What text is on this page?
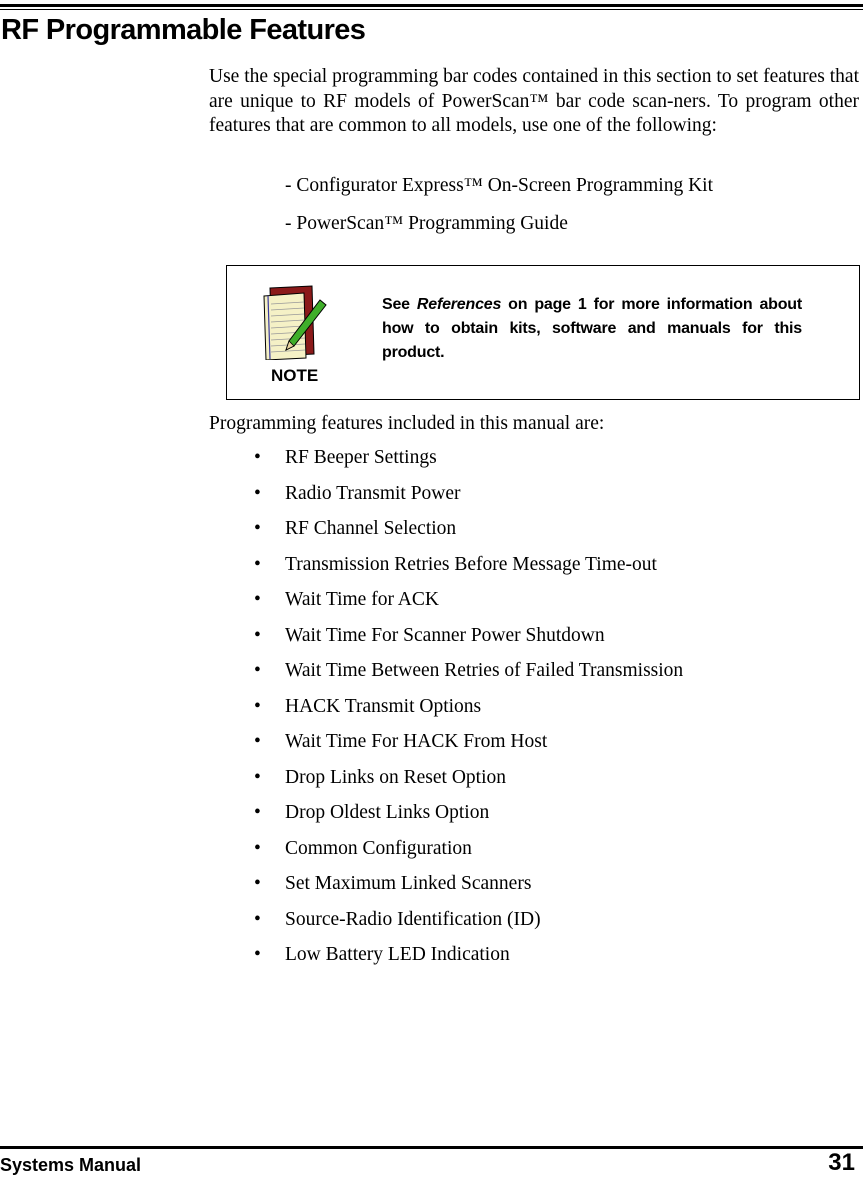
RF Programmable Features

Use the special programming bar codes contained in this section to set features that are unique to RF models of PowerScan™ bar code scan-ners. To program other features that are common to all models, use one of the following:

- Configurator Express™ On-Screen Programming Kit

- PowerScan™ Programming Guide

NOTE

See References on page 1 for more information about how to obtain kits, software and manuals for this product.

Programming features included in this manual are:

• RF Beeper Settings
• Radio Transmit Power
• RF Channel Selection
• Transmission Retries Before Message Time-out
• Wait Time for ACK
• Wait Time For Scanner Power Shutdown
• Wait Time Between Retries of Failed Transmission
• HACK Transmit Options
• Wait Time For HACK From Host
• Drop Links on Reset Option
• Drop Oldest Links Option
• Common Configuration
• Set Maximum Linked Scanners
• Source-Radio Identification (ID)
• Low Battery LED Indication
Systems Manual	31
